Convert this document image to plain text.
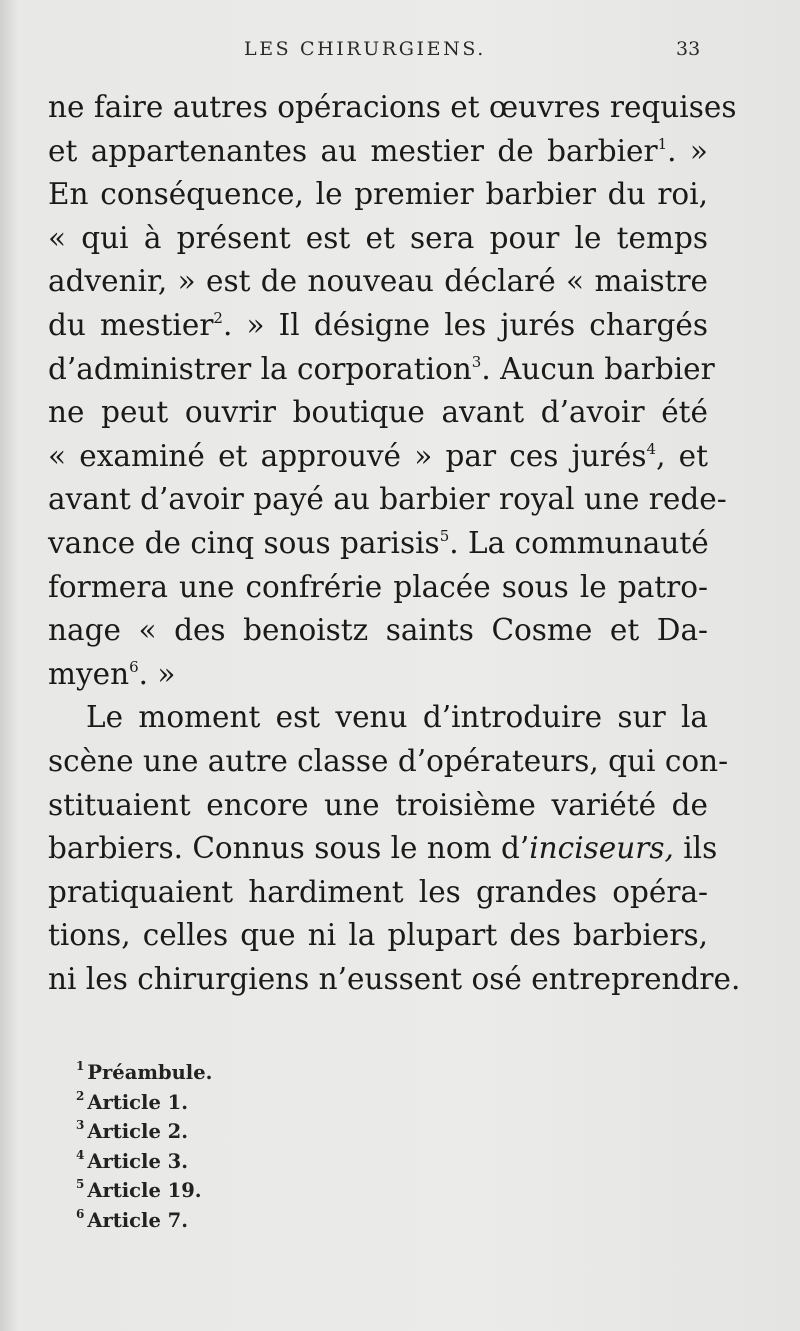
LES CHIRURGIENS.	33
ne faire autres opéracions et œuvres requises
et appartenantes au mestier de barbier$^1$. »
En conséquence, le premier barbier du roi,
« qui à présent est et sera pour le temps
advenir, » est de nouveau déclaré « maistre
du mestier$^2$. » Il désigne les jurés chargés
d’administrer la corporation$^3$. Aucun barbier
ne peut ouvrir boutique avant d’avoir été
« examiné et approuvé » par ces jurés$^4$, et
avant d’avoir payé au barbier royal une rede-
vance de cinq sous parisis$^5$. La communauté
formera une confrérie placée sous le patro-
nage « des benoistz saints Cosme et Da-
myen$^6$. »
Le moment est venu d’introduire sur la
scène une autre classe d’opérateurs, qui con-
stituaient encore une troisième variété de
barbiers. Connus sous le nom d’inciseurs, ils
pratiquaient hardiment les grandes opéra-
tions, celles que ni la plupart des barbiers,
ni les chirurgiens n’eussent osé entreprendre.
$^1$ Préambule.
$^2$ Article 1.
$^3$ Article 2.
$^4$ Article 3.
$^5$ Article 19.
$^6$ Article 7.
